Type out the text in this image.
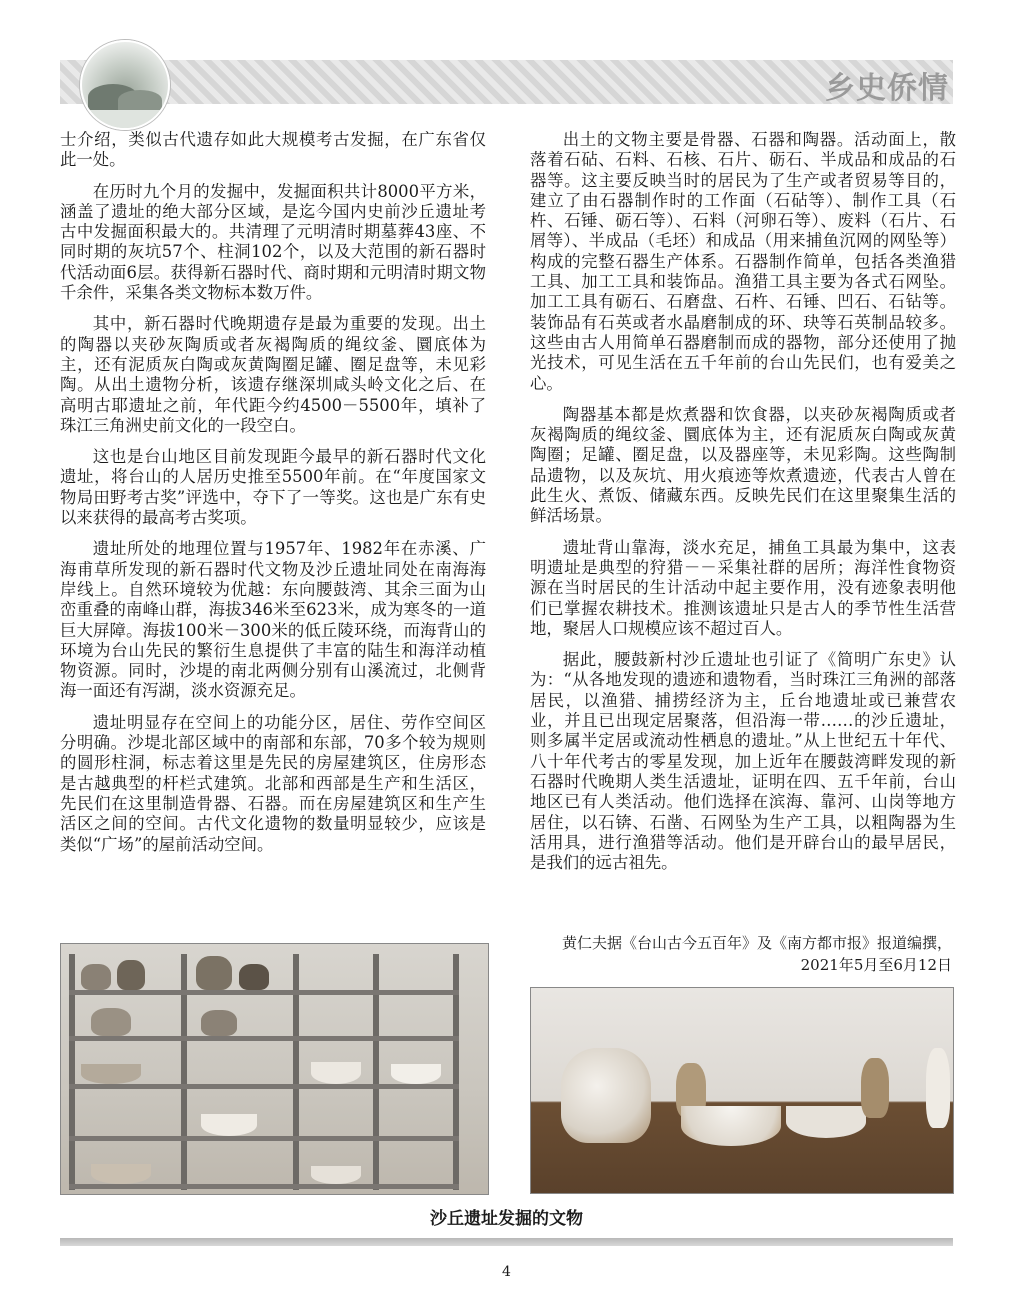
乡史侨情

士介绍，类似古代遗存如此大规模考古发掘，在广东省仅此一处。

在历时九个月的发掘中，发掘面积共计8000平方米，涵盖了遗址的绝大部分区域，是迄今国内史前沙丘遗址考古中发掘面积最大的。共清理了元明清时期墓葬43座、不同时期的灰坑57个、柱洞102个，以及大范围的新石器时代活动面6层。获得新石器时代、商时期和元明清时期文物千余件，采集各类文物标本数万件。

其中，新石器时代晚期遗存是最为重要的发现。出土的陶器以夹砂灰陶质或者灰褐陶质的绳纹釜、圜底体为主，还有泥质灰白陶或灰黄陶圈足罐、圈足盘等，未见彩陶。从出土遗物分析，该遗存继深圳咸头岭文化之后、在高明古耶遗址之前，年代距今约4500－5500年，填补了珠江三角洲史前文化的一段空白。

这也是台山地区目前发现距今最早的新石器时代文化遗址，将台山的人居历史推至5500年前。在“年度国家文物局田野考古奖”评选中，夺下了一等奖。这也是广东有史以来获得的最高考古奖项。

遗址所处的地理位置与1957年、1982年在赤溪、广海甫草所发现的新石器时代文物及沙丘遗址同处在南海海岸线上。自然环境较为优越：东向腰鼓湾、其余三面为山峦重叠的南峰山群，海拔346米至623米，成为寒冬的一道巨大屏障。海拔100米－300米的低丘陵环绕，而海背山的环境为台山先民的繁衍生息提供了丰富的陆生和海洋动植物资源。同时，沙堤的南北两侧分别有山溪流过，北侧背海一面还有泻湖，淡水资源充足。

遗址明显存在空间上的功能分区，居住、劳作空间区分明确。沙堤北部区域中的南部和东部，70多个较为规则的圆形柱洞，标志着这里是先民的房屋建筑区，住房形态是古越典型的杆栏式建筑。北部和西部是生产和生活区，先民们在这里制造骨器、石器。而在房屋建筑区和生产生活区之间的空间。古代文化遗物的数量明显较少，应该是类似“广场”的屋前活动空间。

出土的文物主要是骨器、石器和陶器。活动面上，散落着石砧、石料、石核、石片、砺石、半成品和成品的石器等。这主要反映当时的居民为了生产或者贸易等目的，建立了由石器制作时的工作面（石砧等）、制作工具（石杵、石锤、砺石等）、石料（河卵石等）、废料（石片、石屑等）、半成品（毛坯）和成品（用来捕鱼沉网的网坠等）构成的完整石器生产体系。石器制作简单，包括各类渔猎工具、加工工具和装饰品。渔猎工具主要为各式石网坠。加工工具有砺石、石磨盘、石杵、石锤、凹石、石钻等。装饰品有石英或者水晶磨制成的环、玦等石英制品较多。这些由古人用简单石器磨制而成的器物，部分还使用了抛光技术，可见生活在五千年前的台山先民们，也有爱美之心。

陶器基本都是炊煮器和饮食器，以夹砂灰褐陶质或者灰褐陶质的绳纹釜、圜底体为主，还有泥质灰白陶或灰黄陶圈；足罐、圈足盘，以及器座等，未见彩陶。这些陶制品遗物，以及灰坑、用火痕迹等炊煮遗迹，代表古人曾在此生火、煮饭、储藏东西。反映先民们在这里聚集生活的鲜活场景。

遗址背山靠海，淡水充足，捕鱼工具最为集中，这表明遗址是典型的狩猎－－采集社群的居所；海洋性食物资源在当时居民的生计活动中起主要作用，没有迹象表明他们已掌握农耕技术。推测该遗址只是古人的季节性生活营地，聚居人口规模应该不超过百人。

据此，腰鼓新村沙丘遗址也引证了《简明广东史》认为：“从各地发现的遗迹和遗物看，当时珠江三角洲的部落居民，以渔猎、捕捞经济为主，丘台地遗址或已兼营农业，并且已出现定居聚落，但沿海一带……的沙丘遗址，则多属半定居或流动性栖息的遗址。”从上世纪五十年代、八十年代考古的零星发现，加上近年在腰鼓湾畔发现的新石器时代晚期人类生活遗址，证明在四、五千年前，台山地区已有人类活动。他们选择在滨海、靠河、山岗等地方居住，以石锛、石凿、石网坠为生产工具，以粗陶器为生活用具，进行渔猎等活动。他们是开辟台山的最早居民，是我们的远古祖先。

黄仁夫据《台山古今五百年》及《南方都市报》报道编撰，
2021年5月至6月12日
沙丘遗址发掘的文物
4
